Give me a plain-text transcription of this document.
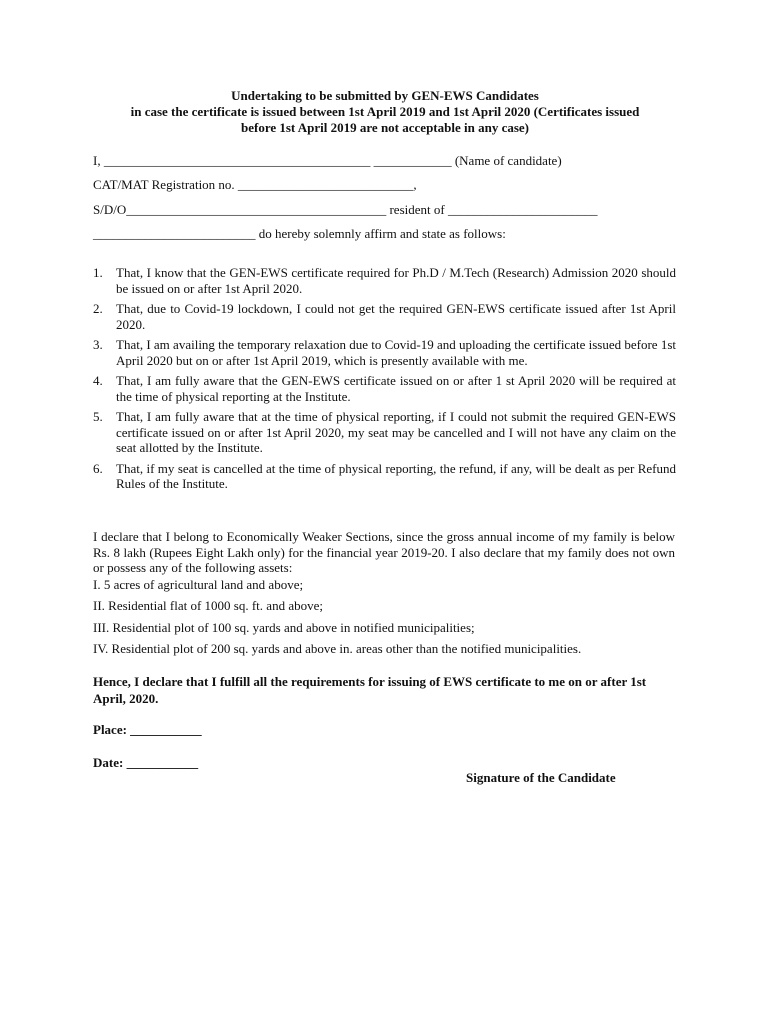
Undertaking to be submitted by GEN-EWS Candidates
in case the certificate is issued between 1st April 2019 and 1st April 2020 (Certificates issued
before 1st April 2019 are not acceptable in any case)
I, _________________________________________ ____________ (Name of candidate)
CAT/MAT Registration no. ___________________________,
S/D/O________________________________________ resident of _______________________
_________________________ do hereby solemnly affirm and state as follows:
1. That, I know that the GEN-EWS certificate required for Ph.D / M.Tech (Research) Admission 2020 should be issued on or after 1st April 2020.
2. That, due to Covid-19 lockdown, I could not get the required GEN-EWS certificate issued after 1st April 2020.
3. That, I am availing the temporary relaxation due to Covid-19 and uploading the certificate issued before 1st April 2020 but on or after 1st April 2019, which is presently available with me.
4. That, I am fully aware that the GEN-EWS certificate issued on or after 1 st April 2020 will be required at the time of physical reporting at the Institute.
5. That, I am fully aware that at the time of physical reporting, if I could not submit the required GEN-EWS certificate issued on or after 1st April 2020, my seat may be cancelled and I will not have any claim on the seat allotted by the Institute.
6. That, if my seat is cancelled at the time of physical reporting, the refund, if any, will be dealt as per Refund Rules of the Institute.
I declare that I belong to Economically Weaker Sections, since the gross annual income of my family is below Rs. 8 lakh (Rupees Eight Lakh only) for the financial year 2019-20. I also declare that my family does not own or possess any of the following assets:
I. 5 acres of agricultural land and above;
II. Residential flat of 1000 sq. ft. and above;
III. Residential plot of 100 sq. yards and above in notified municipalities;
IV. Residential plot of 200 sq. yards and above in. areas other than the notified municipalities.
Hence, I declare that I fulfill all the requirements for issuing of EWS certificate to me on or after 1st April, 2020.
Place: ___________
Date: ___________
Signature of the Candidate
